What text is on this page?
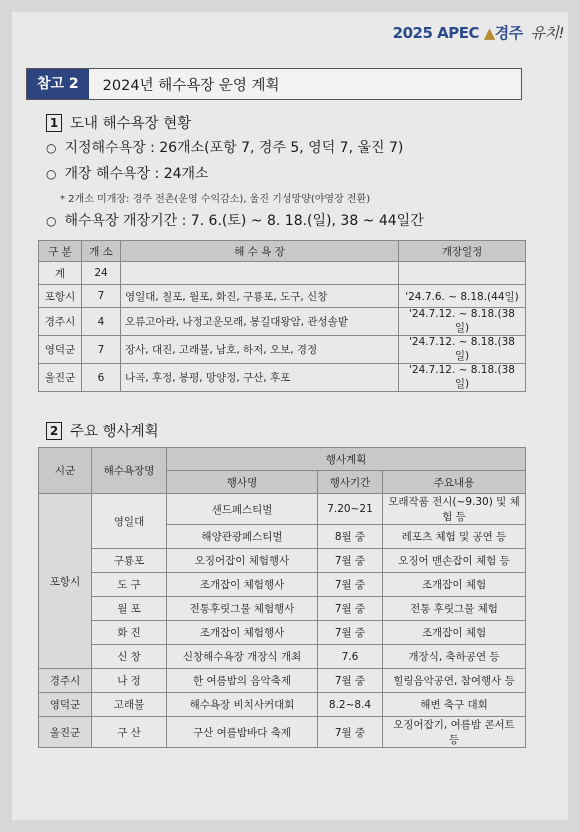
2025 APEC ▲경주 유치!
참고 2	2024년 해수욕장 운영 계획
1 도내 해수욕장 현황
○ 지정해수욕장 : 26개소(포항 7, 경주 5, 영덕 7, 울진 7)
○ 개장 해수욕장 : 24개소
* 2개소 미개장: 경주 전촌(운영 수익감소), 울진 기성망양(야영장 전환)
○ 해수욕장 개장기간 : 7. 6.(토) ~ 8. 18.(일), 38 ~ 44일간
구 분	개 소	해 수 욕 장	개장일정
계	24		
포항시	7	영일대, 칠포, 월포, 화진, 구룡포, 도구, 신창	'24.7.6. ~ 8.18.(44일)
경주시	4	오류고아라, 나정고운모래, 봉길대왕암, 관성솔밭	'24.7.12. ~ 8.18.(38일)
영덕군	7	장사, 대진, 고래불, 남호, 하저, 오보, 경정	'24.7.12. ~ 8.18.(38일)
울진군	6	나곡, 후정, 봉평, 망양정, 구산, 후포	'24.7.12. ~ 8.18.(38일)
2 주요 행사계획
시군	해수욕장명	행사계획		
		행사명	행사기간	주요내용
포항시	영일대	샌드페스티벌	7.20~21	모래작품 전시(~9.30) 및 체험 등
		해양관광페스티벌	8월 중	레포츠 체험 및 공연 등
	구룡포	오징어잡이 체험행사	7월 중	오징어 맨손잡이 체험 등
	도 구	조개잡이 체험행사	7월 중	조개잡이 체험
	월 포	전통후릿그물 체험행사	7월 중	전통 후릿그물 체험
	화 진	조개잡이 체험행사	7월 중	조개잡이 체험
	신 창	신창해수욕장 개장식 개최	7.6	개장식, 축하공연 등
경주시	나 정	한 여름밤의 음악축제	7월 중	힐링음악공연, 참여행사 등
영덕군	고래불	해수욕장 비치사커대회	8.2~8.4	해변 축구 대회
울진군	구 산	구산 여름밤바다 축제	7월 중	오징어잡기, 여름밤 콘서트 등
